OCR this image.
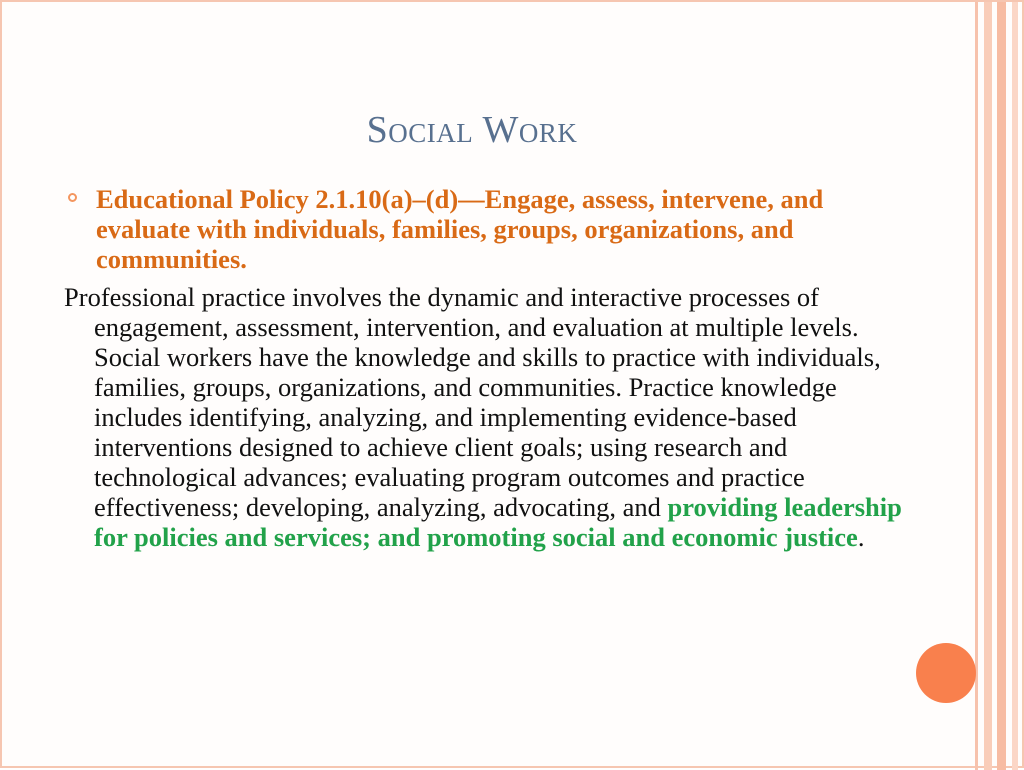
Social Work
Educational Policy 2.1.10(a)–(d)—Engage, assess, intervene, and evaluate with individuals, families, groups, organizations, and communities.
Professional practice involves the dynamic and interactive processes of engagement, assessment, intervention, and evaluation at multiple levels. Social workers have the knowledge and skills to practice with individuals, families, groups, organizations, and communities. Practice knowledge includes identifying, analyzing, and implementing evidence-based interventions designed to achieve client goals; using research and technological advances; evaluating program outcomes and practice effectiveness; developing, analyzing, advocating, and providing leadership for policies and services; and promoting social and economic justice.
